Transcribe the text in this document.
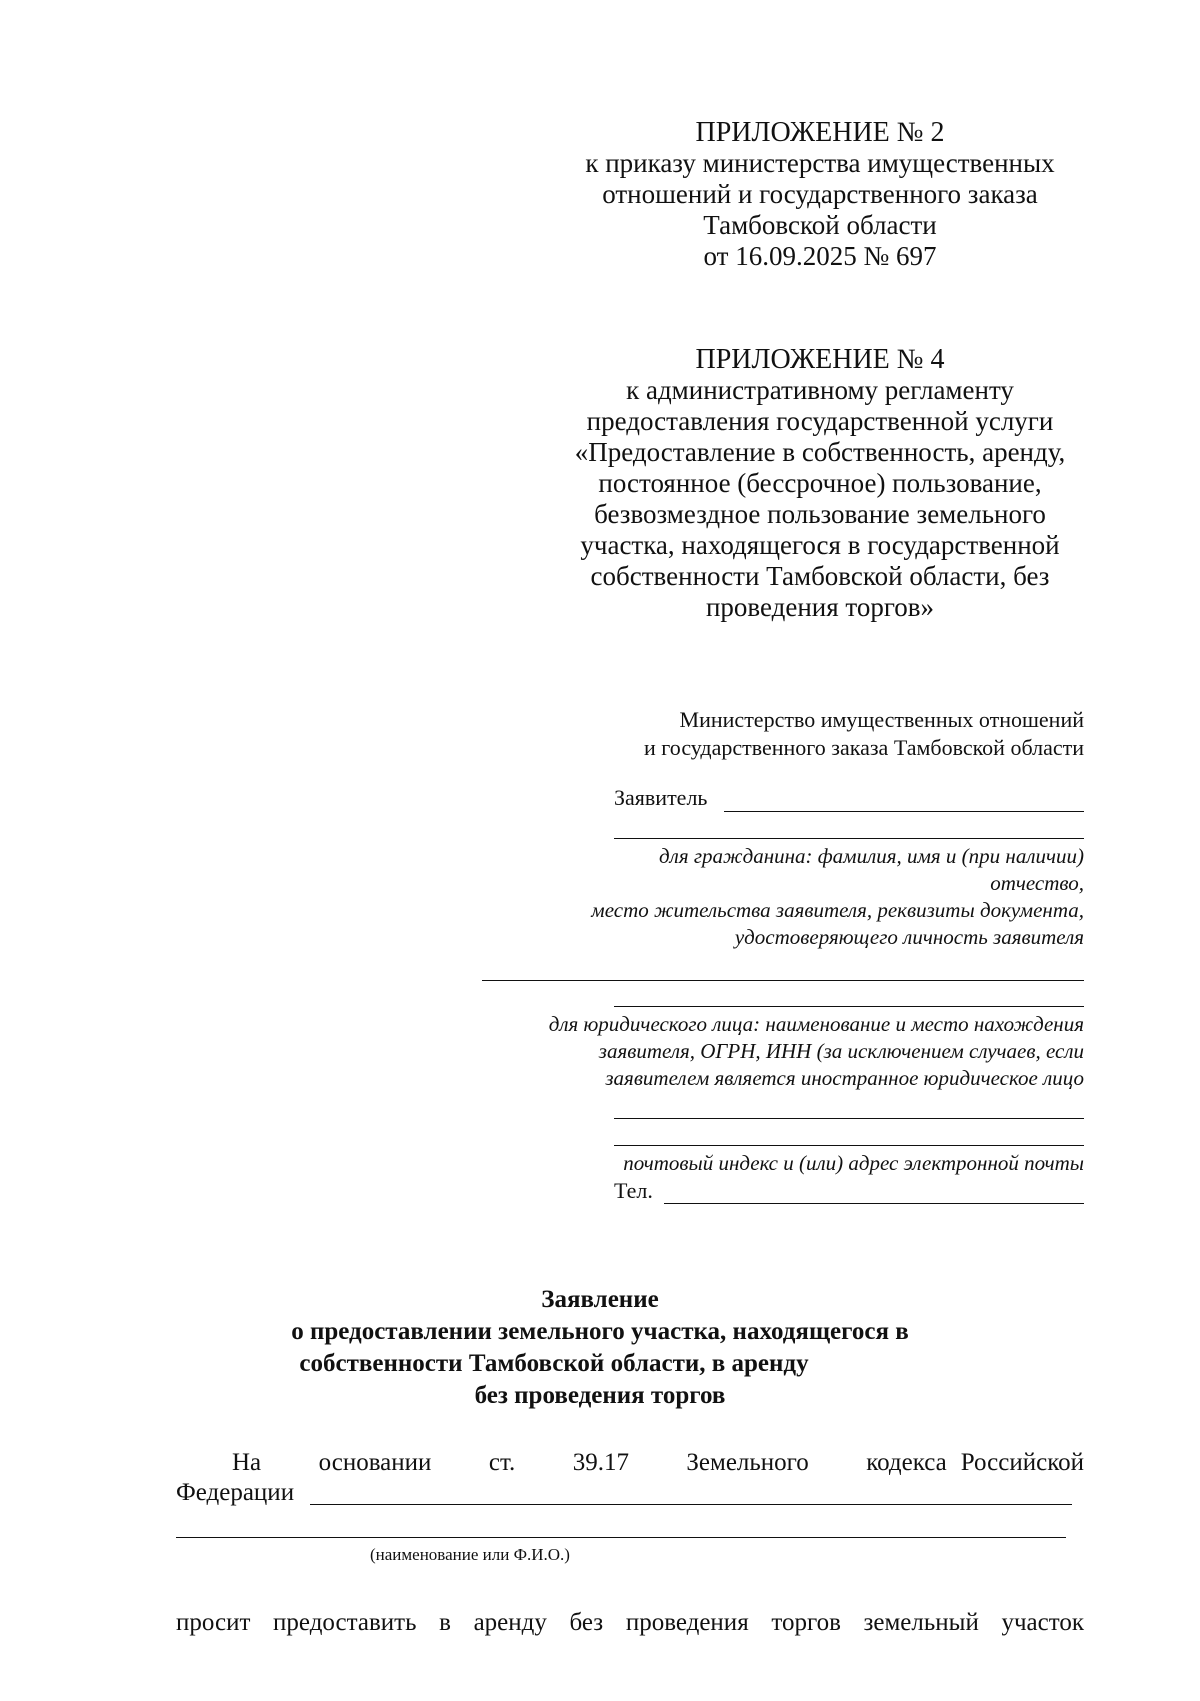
ПРИЛОЖЕНИЕ № 2
к приказу министерства имущественных
отношений и государственного заказа
Тамбовской области
от 16.09.2025 № 697
ПРИЛОЖЕНИЕ № 4
к административному регламенту
предоставления государственной услуги
«Предоставление в собственность, аренду,
постоянное (бессрочное) пользование,
безвозмездное пользование земельного
участка, находящегося в государственной
собственности Тамбовской области, без
проведения торгов»
Министерство имущественных отношений
и государственного заказа Тамбовской области
Заявитель
для гражданина: фамилия, имя и (при наличии)
отчество,
место жительства заявителя, реквизиты документа,
удостоверяющего личность заявителя
для юридического лица: наименование и место нахождения
заявителя, ОГРН, ИНН (за исключением случаев, если
заявителем является иностранное юридическое лицо
почтовый индекс и (или) адрес электронной почты
Тел.
Заявление
о предоставлении земельного участка, находящегося в
собственности Тамбовской области, в аренду
без проведения торгов
На основании ст. 39.17 Земельного кодекса Российской
Федерации
(наименование или Ф.И.О.)
просит предоставить в аренду без проведения торгов земельный участок
